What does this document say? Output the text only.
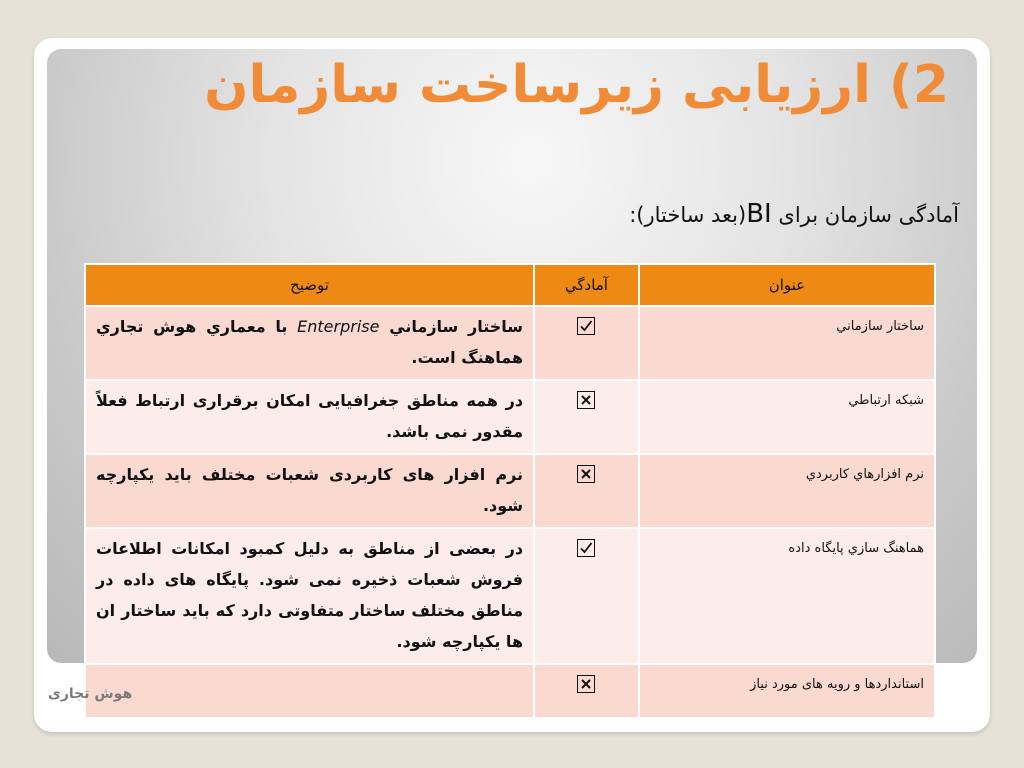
2) ارزيابی زيرساخت سازمان
آمادگی سازمان برای BI(بعد ساختار):
عنوان	آمادگي	توضيح
ساختار سازماني		ساختار سازماني Enterprise با معماري هوش تجاري هماهنگ است.
شبکه ارتباطي		در همه مناطق جغرافيايی امکان برقراری ارتباط فعلاً مقدور نمی باشد.
نرم افزارهاي کاربردي		نرم افزار های کاربردی شعبات مختلف بايد يکپارچه شود.
هماهنگ سازي پايگاه داده		در بعضی از مناطق به دليل کمبود امکانات اطلاعات فروش شعبات ذخيره نمی شود. پايگاه های داده در مناطق مختلف ساختار متفاوتی دارد که بايد ساختار ان ها يکپارچه شود.
استانداردها و رويه های مورد نياز	

هوش تجاری
